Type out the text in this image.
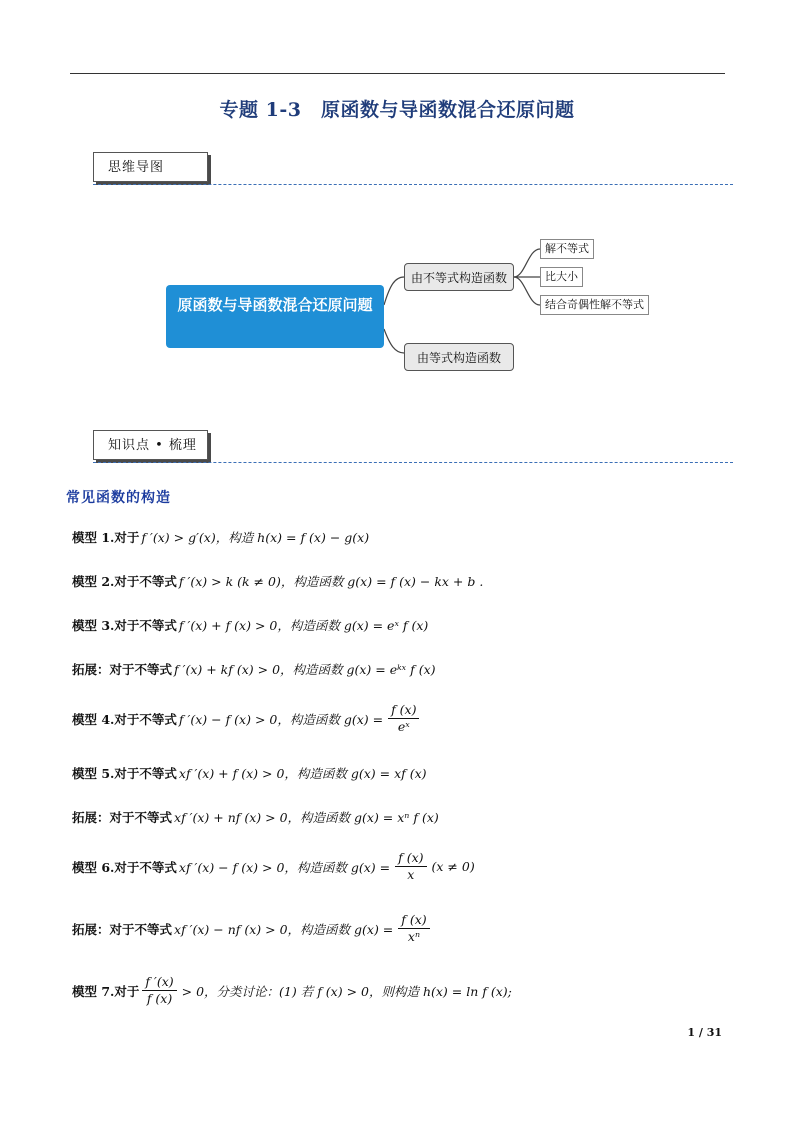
专题 1-3　原函数与导函数混合还原问题
思维导图
原函数与导函数混合还原问题
由不等式构造函数
由等式构造函数
解不等式
比大小
结合奇偶性解不等式
知识点 • 梳理
常见函数的构造
模型 1.对于 f ′(x) > g′(x)，构造 h(x) = f (x) − g(x)
模型 2.对于不等式 f ′(x) > k (k ≠ 0)，构造函数 g(x) = f (x) − kx + b .
模型 3.对于不等式 f ′(x) + f (x) > 0，构造函数 g(x) = eˣ f (x)
拓展：对于不等式 f ′(x) + kf (x) > 0，构造函数 g(x) = eᵏˣ f (x)
模型 4.对于不等式 f ′(x) − f (x) > 0，构造函数 $g(x) = \frac{f (x)}{\text{eˣ}}$
模型 5.对于不等式 xf ′(x) + f (x) > 0，构造函数 g(x) = xf (x)
拓展：对于不等式 xf ′(x) + nf (x) > 0，构造函数 g(x) = xⁿ f (x)
模型 6.对于不等式 xf ′(x) − f (x) > 0，构造函数 $g(x) = \frac{f (x)}{x} (x \ne 0)$
拓展：对于不等式 xf ′(x) − nf (x) > 0，构造函数 $g(x) = \frac{f (x)}{\text{xⁿ}}$
模型 7.对于 $\frac{f '(x)}{f (x)} > 0$，分类讨论：(1) 若 f (x) > 0，则构造 h(x) = ln f (x);
1 / 31
